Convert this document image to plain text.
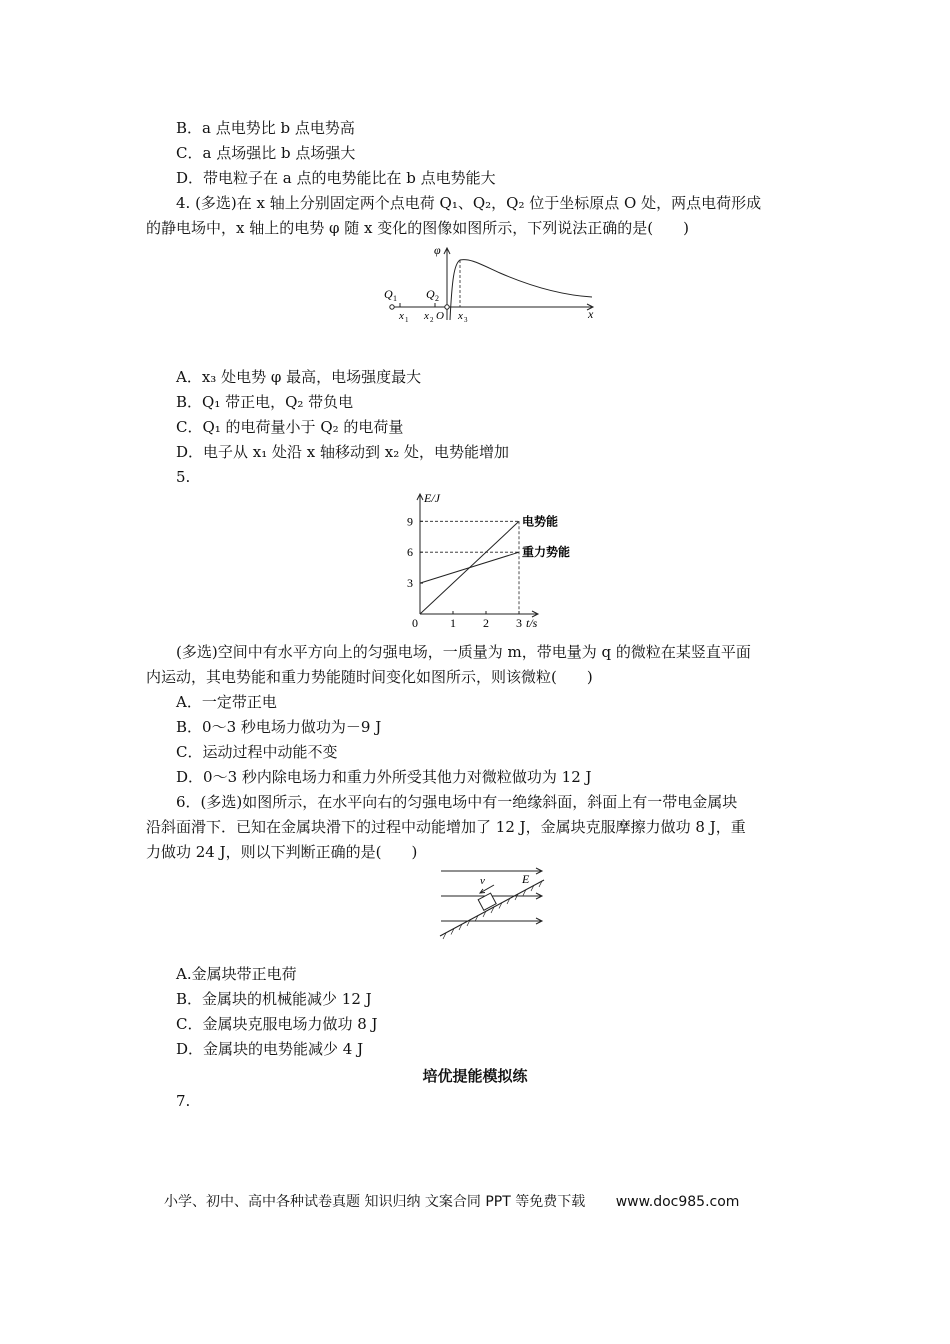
B．a 点电势比 b 点电势高
C．a 点场强比 b 点场强大
D．带电粒子在 a 点的电势能比在 b 点电势能大
4. (多选)在 x 轴上分别固定两个点电荷 Q₁、Q₂，Q₂ 位于坐标原点 O 处，两点电荷形成
的静电场中，x 轴上的电势 φ 随 x 变化的图像如图所示，下列说法正确的是(　　)
φ
Q 1 Q 2
x 1 x 2 O x 3	x
A．x₃ 处电势 φ 最高，电场强度最大
B．Q₁ 带正电，Q₂ 带负电
C．Q₁ 的电荷量小于 Q₂ 的电荷量
D．电子从 x₁ 处沿 x 轴移动到 x₂ 处，电势能增加
5.
E/J
t/s
0	1 2 3
3
6
9	电势能
重力势能
(多选)空间中有水平方向上的匀强电场，一质量为 m，带电量为 q 的微粒在某竖直平面
内运动，其电势能和重力势能随时间变化如图所示，则该微粒(　　)
A．一定带正电
B．0～3 秒电场力做功为－9 J
C．运动过程中动能不变
D．0～3 秒内除电场力和重力外所受其他力对微粒做功为 12 J
6．(多选)如图所示，在水平向右的匀强电场中有一绝缘斜面，斜面上有一带电金属块
沿斜面滑下．已知在金属块滑下的过程中动能增加了 12 J，金属块克服摩擦力做功 8 J，重
力做功 24 J，则以下判断正确的是(　　)
E
v
A.金属块带正电荷
B．金属块的机械能减少 12 J
C．金属块克服电场力做功 8 J
D．金属块的电势能减少 4 J
培优提能模拟练
7.
小学、初中、高中各种试卷真题 知识归纳 文案合同 PPT 等免费下载 www.doc985.com
